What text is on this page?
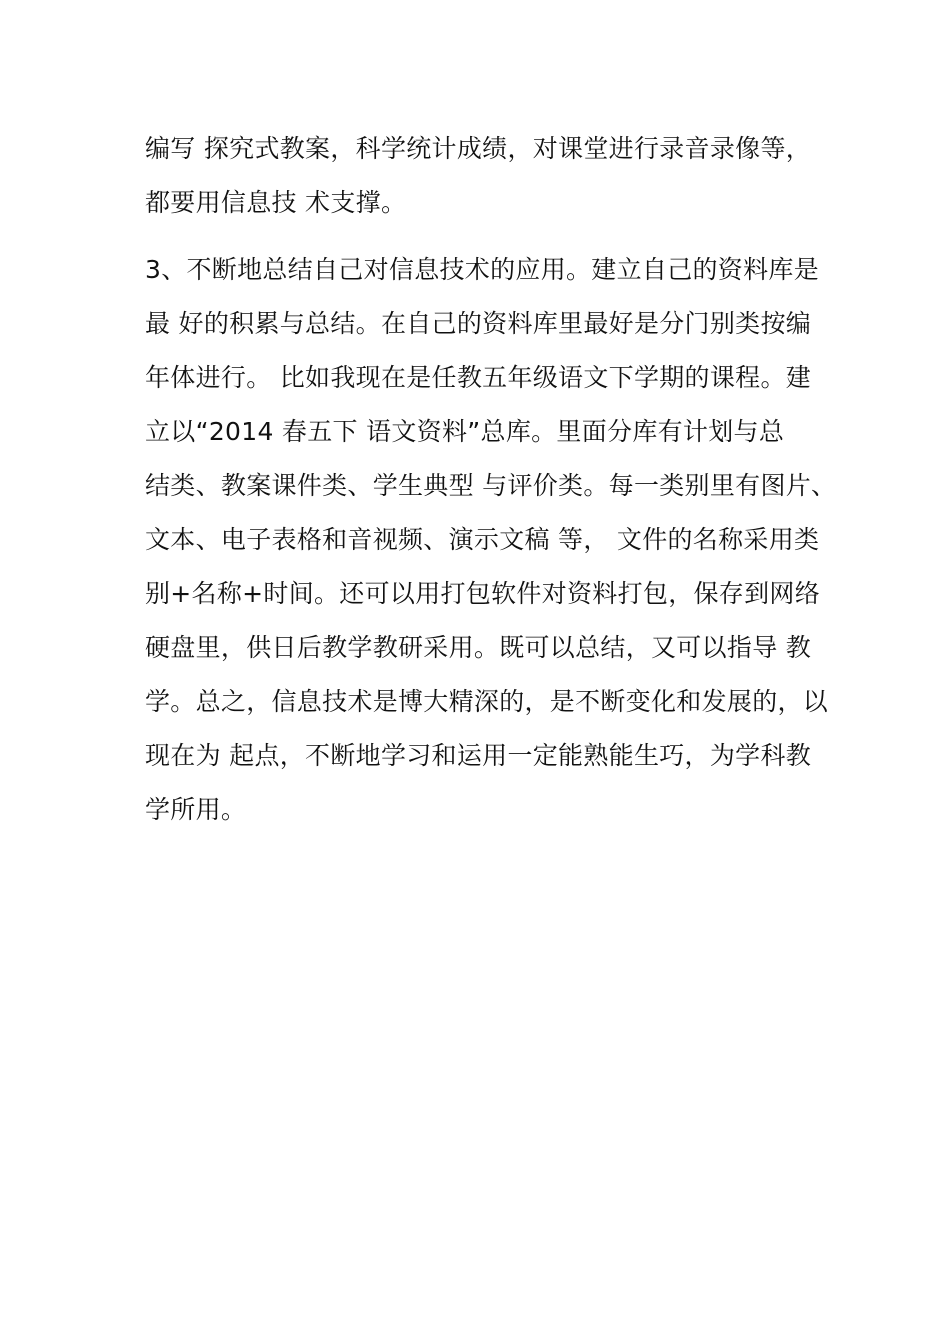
编写 探究式教案，科学统计成绩，对课堂进行录音录像等，
都要用信息技 术支撑。
3、不断地总结自己对信息技术的应用。建立自己的资料库是
最 好的积累与总结。在自己的资料库里最好是分门别类按编
年体进行。 比如我现在是任教五年级语文下学期的课程。建
立以“2014 春五下 语文资料”总库。里面分库有计划与总
结类、教案课件类、学生典型 与评价类。每一类别里有图片、
文本、电子表格和音视频、演示文稿 等， 文件的名称采用类
别+名称+时间。还可以用打包软件对资料打包，保存到网络
硬盘里，供日后教学教研采用。既可以总结，又可以指导 教
学。总之，信息技术是博大精深的，是不断变化和发展的，以
现在为 起点，不断地学习和运用一定能熟能生巧，为学科教
学所用。
